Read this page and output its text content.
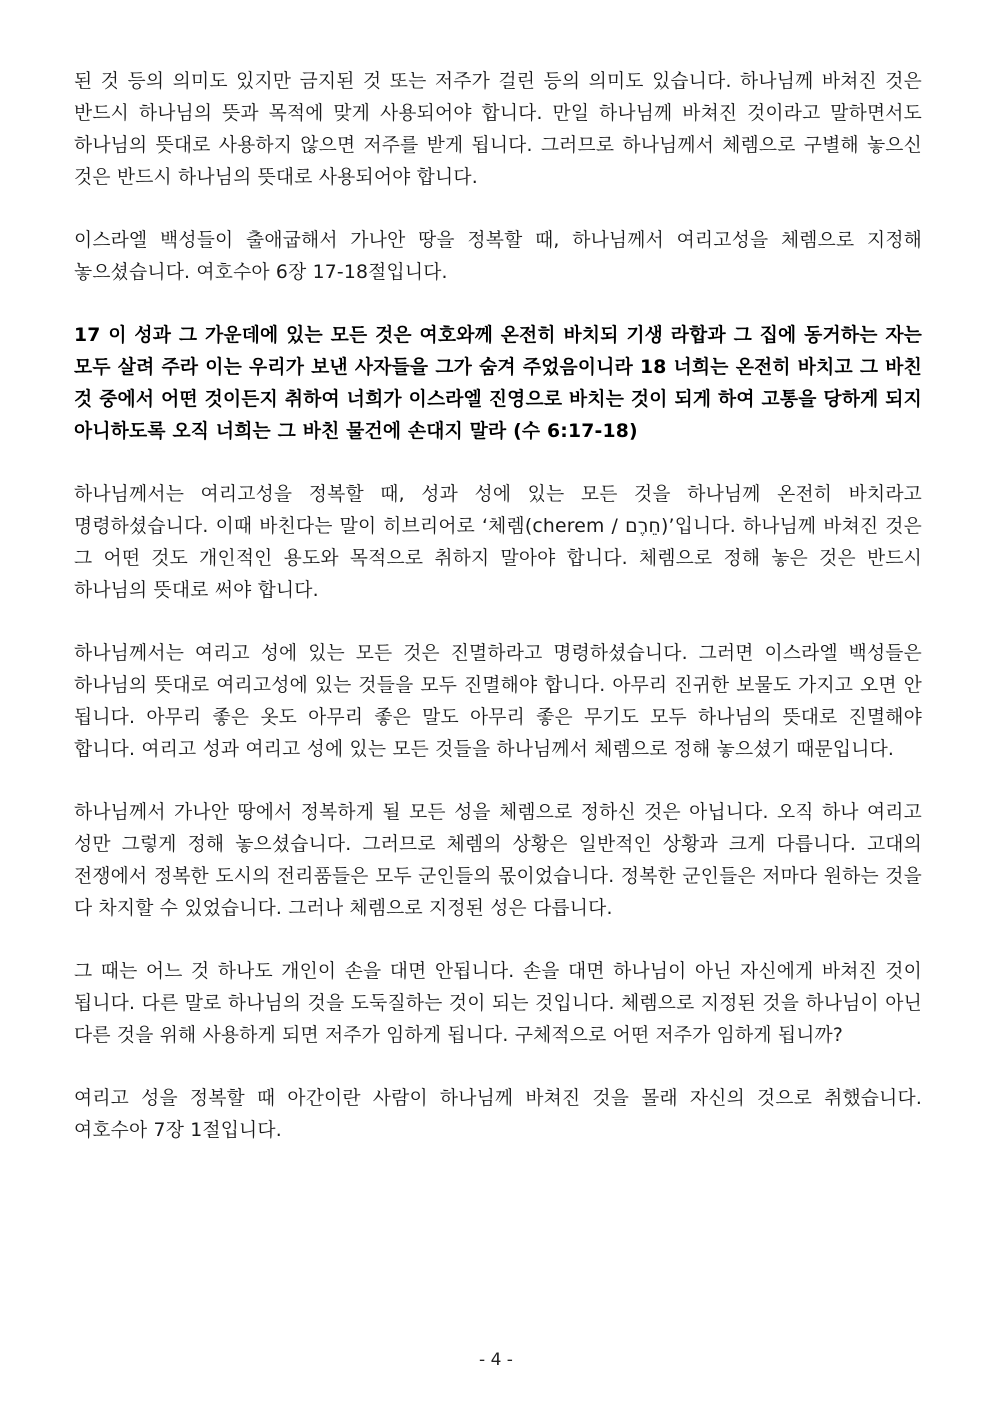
된 것 등의 의미도 있지만 금지된 것 또는 저주가 걸린 등의 의미도 있습니다. 하나님께 바쳐진 것은 반드시 하나님의 뜻과 목적에 맞게 사용되어야 합니다. 만일 하나님께 바쳐진 것이라고 말하면서도 하나님의 뜻대로 사용하지 않으면 저주를 받게 됩니다. 그러므로 하나님께서 체렘으로 구별해 놓으신 것은 반드시 하나님의 뜻대로 사용되어야 합니다.

이스라엘 백성들이 출애굽해서 가나안 땅을 정복할 때, 하나님께서 여리고성을 체렘으로 지정해 놓으셨습니다. 여호수아 6장 17-18절입니다.

17 이 성과 그 가운데에 있는 모든 것은 여호와께 온전히 바치되 기생 라합과 그 집에 동거하는 자는 모두 살려 주라 이는 우리가 보낸 사자들을 그가 숨겨 주었음이니라 18 너희는 온전히 바치고 그 바친 것 중에서 어떤 것이든지 취하여 너희가 이스라엘 진영으로 바치는 것이 되게 하여 고통을 당하게 되지 아니하도록 오직 너희는 그 바친 물건에 손대지 말라 (수 6:17-18)

하나님께서는 여리고성을 정복할 때, 성과 성에 있는 모든 것을 하나님께 온전히 바치라고 명령하셨습니다. 이때 바친다는 말이 히브리어로 ‘체렘(cherem / חֵרֶם)’입니다. 하나님께 바쳐진 것은 그 어떤 것도 개인적인 용도와 목적으로 취하지 말아야 합니다. 체렘으로 정해 놓은 것은 반드시 하나님의 뜻대로 써야 합니다.

하나님께서는 여리고 성에 있는 모든 것은 진멸하라고 명령하셨습니다. 그러면 이스라엘 백성들은 하나님의 뜻대로 여리고성에 있는 것들을 모두 진멸해야 합니다. 아무리 진귀한 보물도 가지고 오면 안 됩니다. 아무리 좋은 옷도 아무리 좋은 말도 아무리 좋은 무기도 모두 하나님의 뜻대로 진멸해야 합니다. 여리고 성과 여리고 성에 있는 모든 것들을 하나님께서 체렘으로 정해 놓으셨기 때문입니다.

하나님께서 가나안 땅에서 정복하게 될 모든 성을 체렘으로 정하신 것은 아닙니다. 오직 하나 여리고 성만 그렇게 정해 놓으셨습니다. 그러므로 체렘의 상황은 일반적인 상황과 크게 다릅니다. 고대의 전쟁에서 정복한 도시의 전리품들은 모두 군인들의 몫이었습니다. 정복한 군인들은 저마다 원하는 것을 다 차지할 수 있었습니다. 그러나 체렘으로 지정된 성은 다릅니다.

그 때는 어느 것 하나도 개인이 손을 대면 안됩니다. 손을 대면 하나님이 아닌 자신에게 바쳐진 것이 됩니다. 다른 말로 하나님의 것을 도둑질하는 것이 되는 것입니다. 체렘으로 지정된 것을 하나님이 아닌 다른 것을 위해 사용하게 되면 저주가 임하게 됩니다. 구체적으로 어떤 저주가 임하게 됩니까?

여리고 성을 정복할 때 아간이란 사람이 하나님께 바쳐진 것을 몰래 자신의 것으로 취했습니다. 여호수아 7장 1절입니다.

- 4 -
